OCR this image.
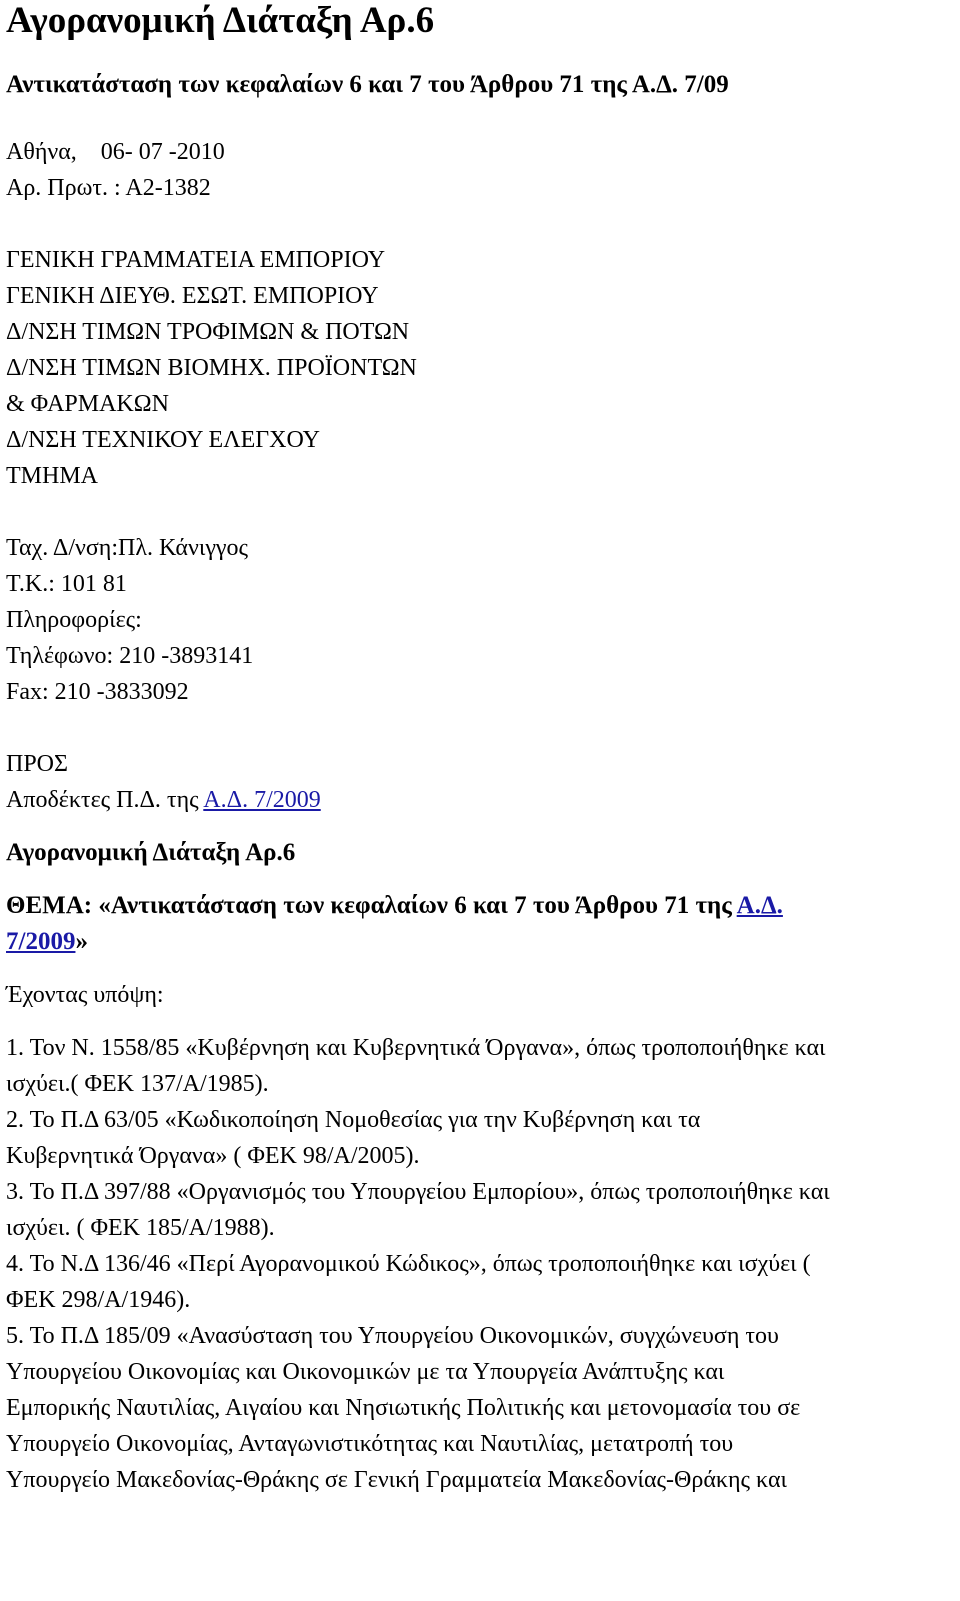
Αγορανομική Διάταξη Αρ.6

Αντικατάσταση των κεφαλαίων 6 και 7 του Άρθρου 71 της Α.Δ. 7/09

Αθήνα,    06- 07 -2010

Αρ. Πρωτ. : Α2-1382

ΓΕΝΙΚΗ ΓΡΑΜΜΑΤΕΙΑ ΕΜΠΟΡΙΟΥ

ΓΕΝΙΚΗ ΔΙΕΥΘ. ΕΣΩΤ. ΕΜΠΟΡΙΟΥ

Δ/ΝΣΗ ΤΙΜΩΝ ΤΡΟΦΙΜΩΝ & ΠΟΤΩΝ

Δ/ΝΣΗ ΤΙΜΩΝ ΒΙΟΜΗΧ. ΠΡΟΪΟΝΤΩΝ

& ΦΑΡΜΑΚΩΝ

Δ/ΝΣΗ ΤΕΧΝΙΚΟΥ ΕΛΕΓΧΟΥ

ΤΜΗΜΑ

Ταχ. Δ/νση:Πλ. Κάνιγγος

Τ.Κ.: 101 81

Πληροφορίες:

Τηλέφωνο: 210 -3893141

Fax: 210 -3833092

ΠΡΟΣ

Αποδέκτες Π.Δ. της Α.Δ. 7/2009

Αγορανομική Διάταξη Αρ.6

ΘΕΜΑ: «Αντικατάσταση των κεφαλαίων 6 και 7 του Άρθρου 71 της Α.Δ.
7/2009»

Έχοντας υπόψη:

1. Τον Ν. 1558/85 «Κυβέρνηση και Κυβερνητικά Όργανα», όπως τροποποιήθηκε και

ισχύει.( ΦΕΚ 137/Α/1985).

2. Το Π.Δ 63/05 «Κωδικοποίηση Νομοθεσίας για την Κυβέρνηση και τα

Κυβερνητικά Όργανα» ( ΦΕΚ 98/Α/2005).

3. Το Π.Δ 397/88 «Οργανισμός του Υπουργείου Εμπορίου», όπως τροποποιήθηκε και

ισχύει. ( ΦΕΚ 185/Α/1988).

4. Το Ν.Δ 136/46 «Περί Αγορανομικού Κώδικος», όπως τροποποιήθηκε και ισχύει (

ΦΕΚ 298/Α/1946).

5. Το Π.Δ 185/09 «Ανασύσταση του Υπουργείου Οικονομικών, συγχώνευση του

Υπουργείου Οικονομίας και Οικονομικών με τα Υπουργεία Ανάπτυξης και

Εμπορικής Ναυτιλίας, Αιγαίου και Νησιωτικής Πολιτικής και μετονομασία του σε

Υπουργείο Οικονομίας, Ανταγωνιστικότητας και Ναυτιλίας, μετατροπή του

Υπουργείο Μακεδονίας-Θράκης σε Γενική Γραμματεία Μακεδονίας-Θράκης και
